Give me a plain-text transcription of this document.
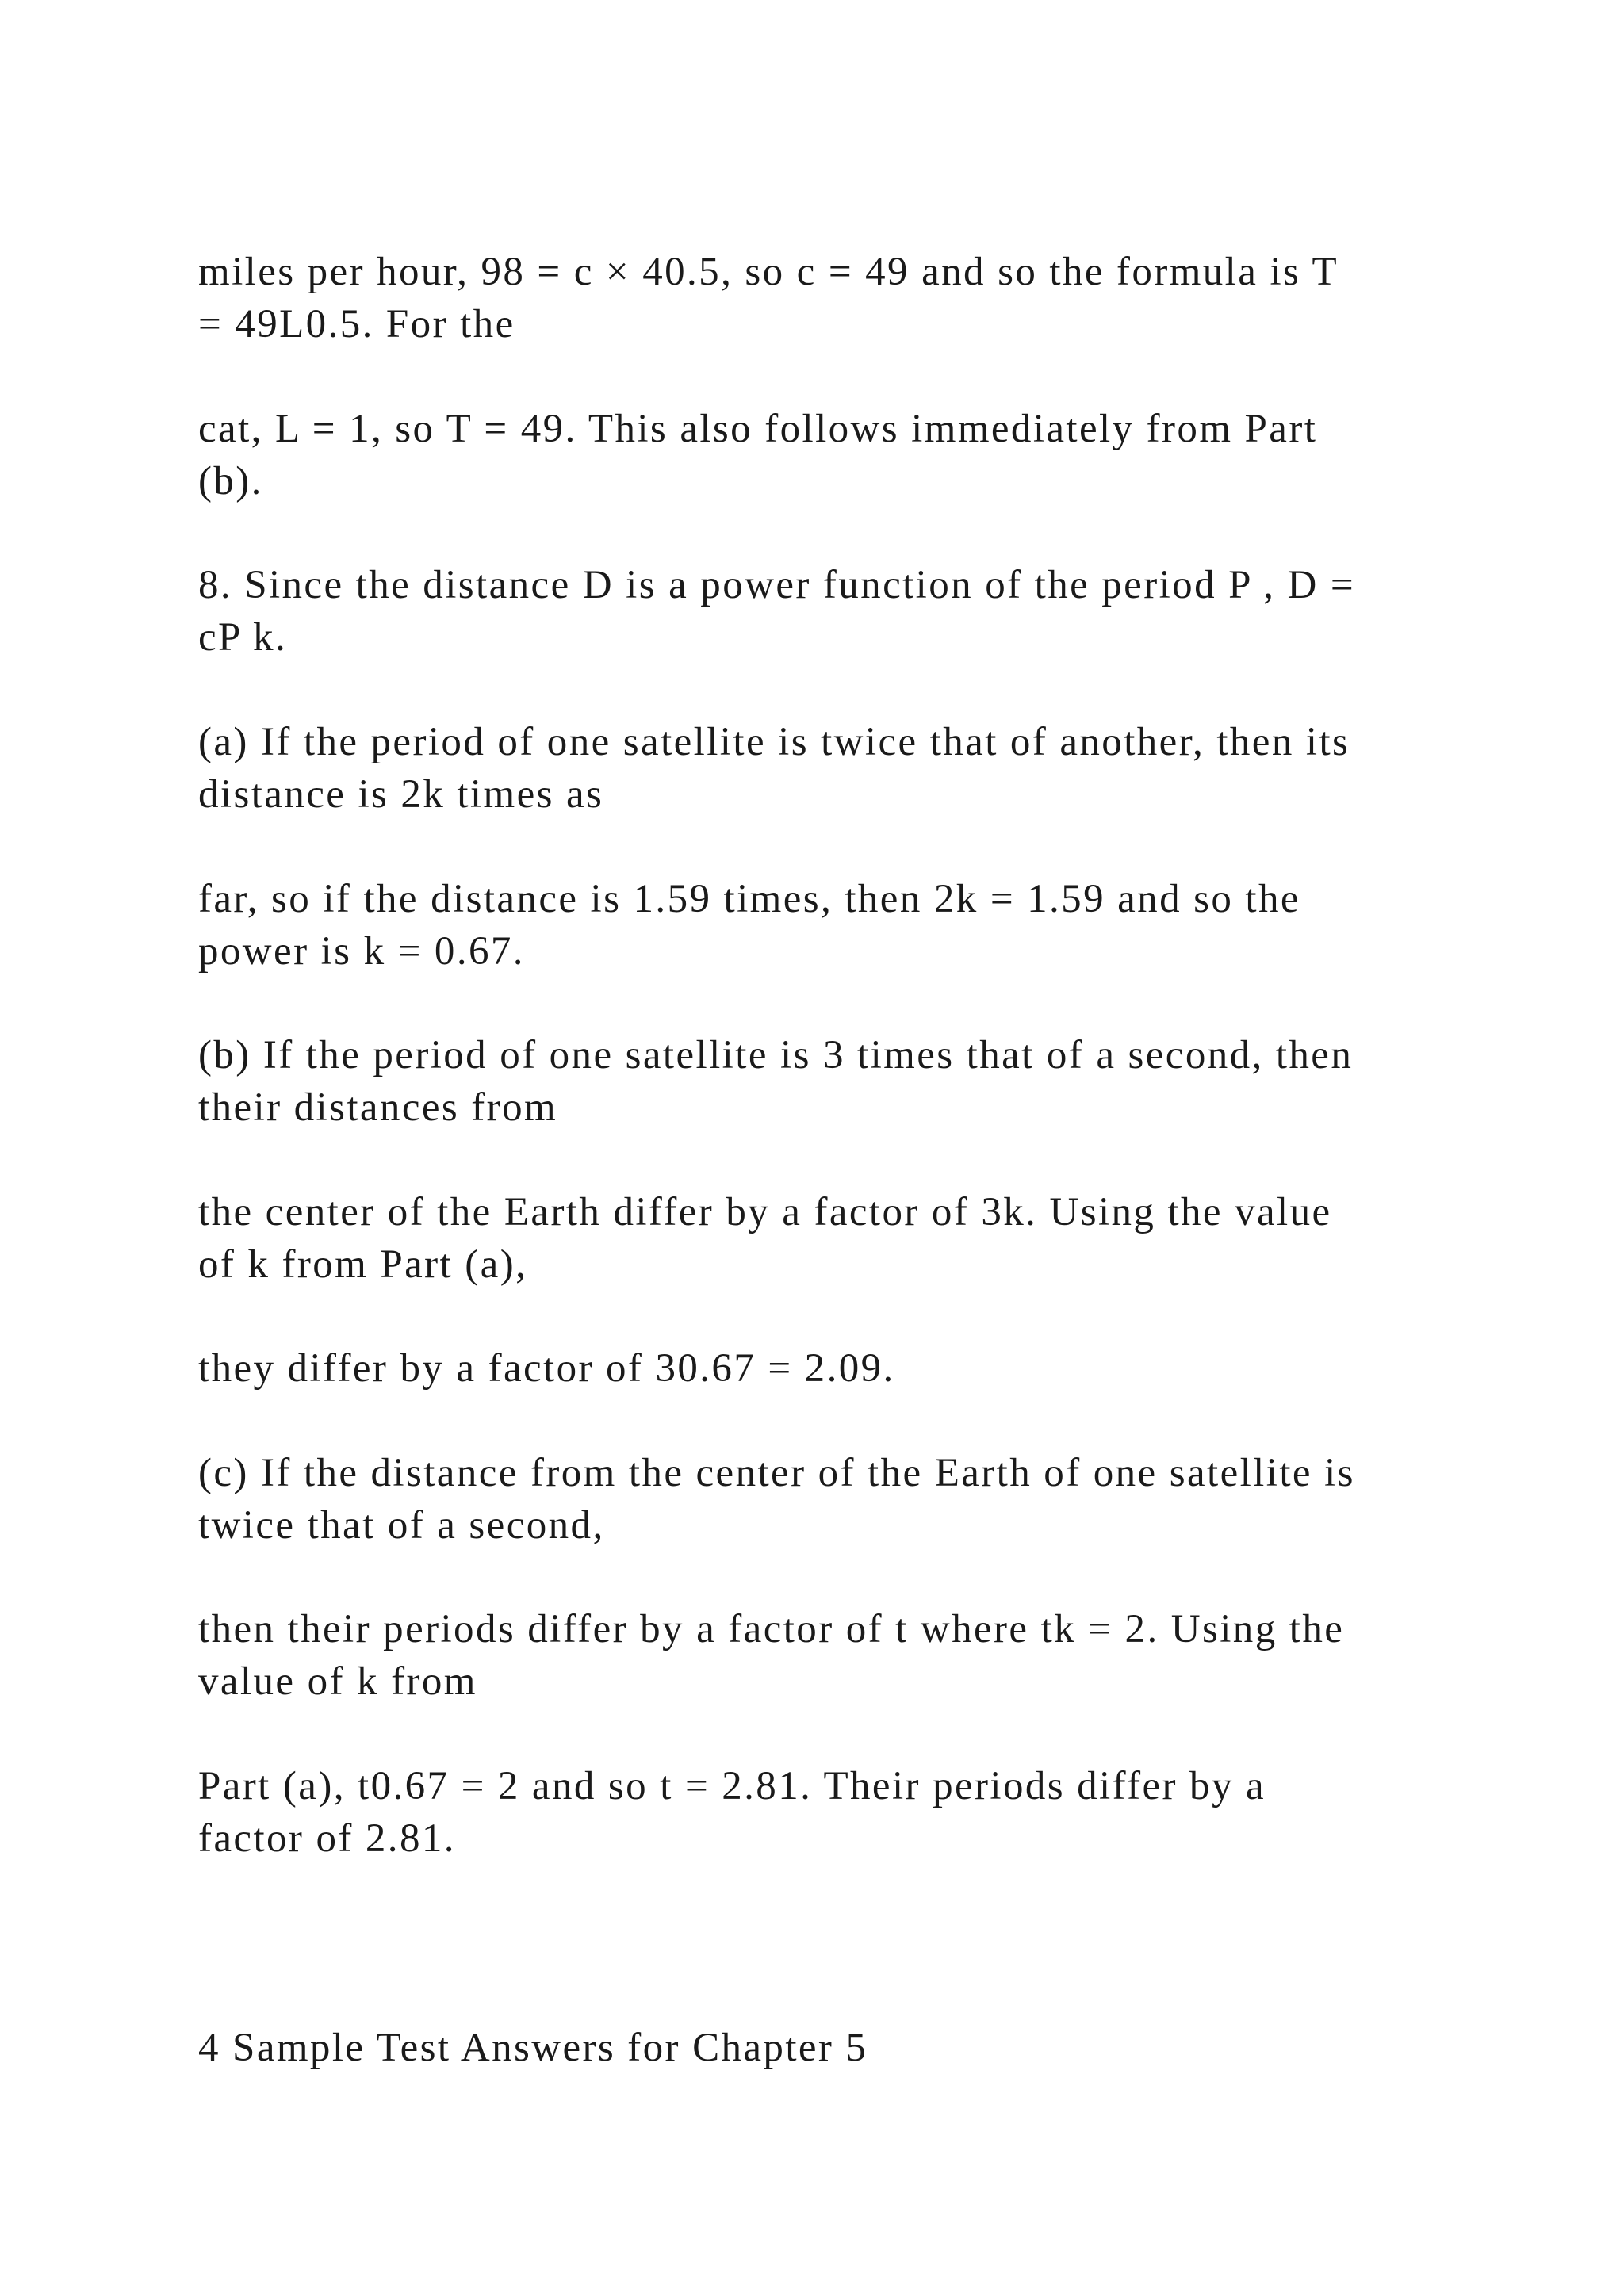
miles per hour, 98 = c × 40.5, so c = 49 and so the formula is T
= 49L0.5. For the

cat, L = 1, so T = 49. This also follows immediately from Part
(b).

8. Since the distance D is a power function of the period P , D =
cP k.

(a) If the period of one satellite is twice that of another, then its
distance is 2k times as

far, so if the distance is 1.59 times, then 2k = 1.59 and so the
power is k = 0.67.

(b) If the period of one satellite is 3 times that of a second, then
their distances from

the center of the Earth differ by a factor of 3k. Using the value
of k from Part (a),

they differ by a factor of 30.67 = 2.09.

(c) If the distance from the center of the Earth of one satellite is
twice that of a second,

then their periods differ by a factor of t where tk = 2. Using the
value of k from

Part (a), t0.67 = 2 and so t = 2.81. Their periods differ by a
factor of 2.81.

4 Sample Test Answers for Chapter 5
